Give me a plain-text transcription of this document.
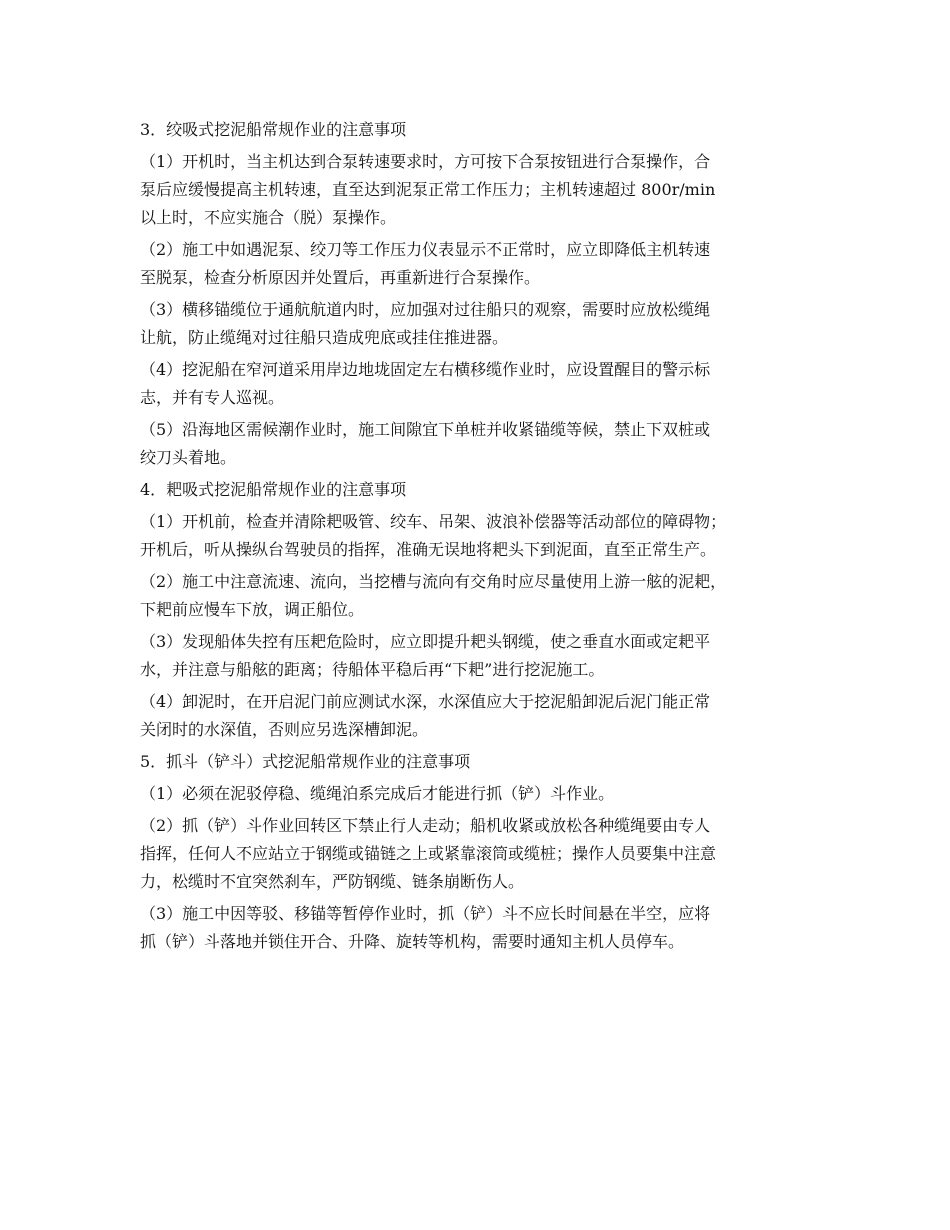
3．绞吸式挖泥船常规作业的注意事项
（1）开机时，当主机达到合泵转速要求时，方可按下合泵按钮进行合泵操作，合
泵后应缓慢提高主机转速，直至达到泥泵正常工作压力；主机转速超过 800r/min
以上时，不应实施合（脱）泵操作。
（2）施工中如遇泥泵、绞刀等工作压力仪表显示不正常时，应立即降低主机转速
至脱泵，检查分析原因并处置后，再重新进行合泵操作。
（3）横移锚缆位于通航航道内时，应加强对过往船只的观察，需要时应放松缆绳
让航，防止缆绳对过往船只造成兜底或挂住推进器。
（4）挖泥船在窄河道采用岸边地垅固定左右横移缆作业时，应设置醒目的警示标
志，并有专人巡视。
（5）沿海地区需候潮作业时，施工间隙宜下单桩并收紧锚缆等候，禁止下双桩或
绞刀头着地。
4．耙吸式挖泥船常规作业的注意事项
（1）开机前，检查并清除耙吸管、绞车、吊架、波浪补偿器等活动部位的障碍物；
开机后，听从操纵台驾驶员的指挥，准确无误地将耙头下到泥面，直至正常生产。
（2）施工中注意流速、流向，当挖槽与流向有交角时应尽量使用上游一舷的泥耙，
下耙前应慢车下放，调正船位。
（3）发现船体失控有压耙危险时，应立即提升耙头钢缆，使之垂直水面或定耙平
水，并注意与船舷的距离；待船体平稳后再“下耙”进行挖泥施工。
（4）卸泥时，在开启泥门前应测试水深，水深值应大于挖泥船卸泥后泥门能正常
关闭时的水深值，否则应另选深槽卸泥。
5．抓斗（铲斗）式挖泥船常规作业的注意事项
（1）必须在泥驳停稳、缆绳泊系完成后才能进行抓（铲）斗作业。
（2）抓（铲）斗作业回转区下禁止行人走动；船机收紧或放松各种缆绳要由专人
指挥，任何人不应站立于钢缆或锚链之上或紧靠滚筒或缆桩；操作人员要集中注意
力，松缆时不宜突然刹车，严防钢缆、链条崩断伤人。
（3）施工中因等驳、移锚等暂停作业时，抓（铲）斗不应长时间悬在半空，应将
抓（铲）斗落地并锁住开合、升降、旋转等机构，需要时通知主机人员停车。
